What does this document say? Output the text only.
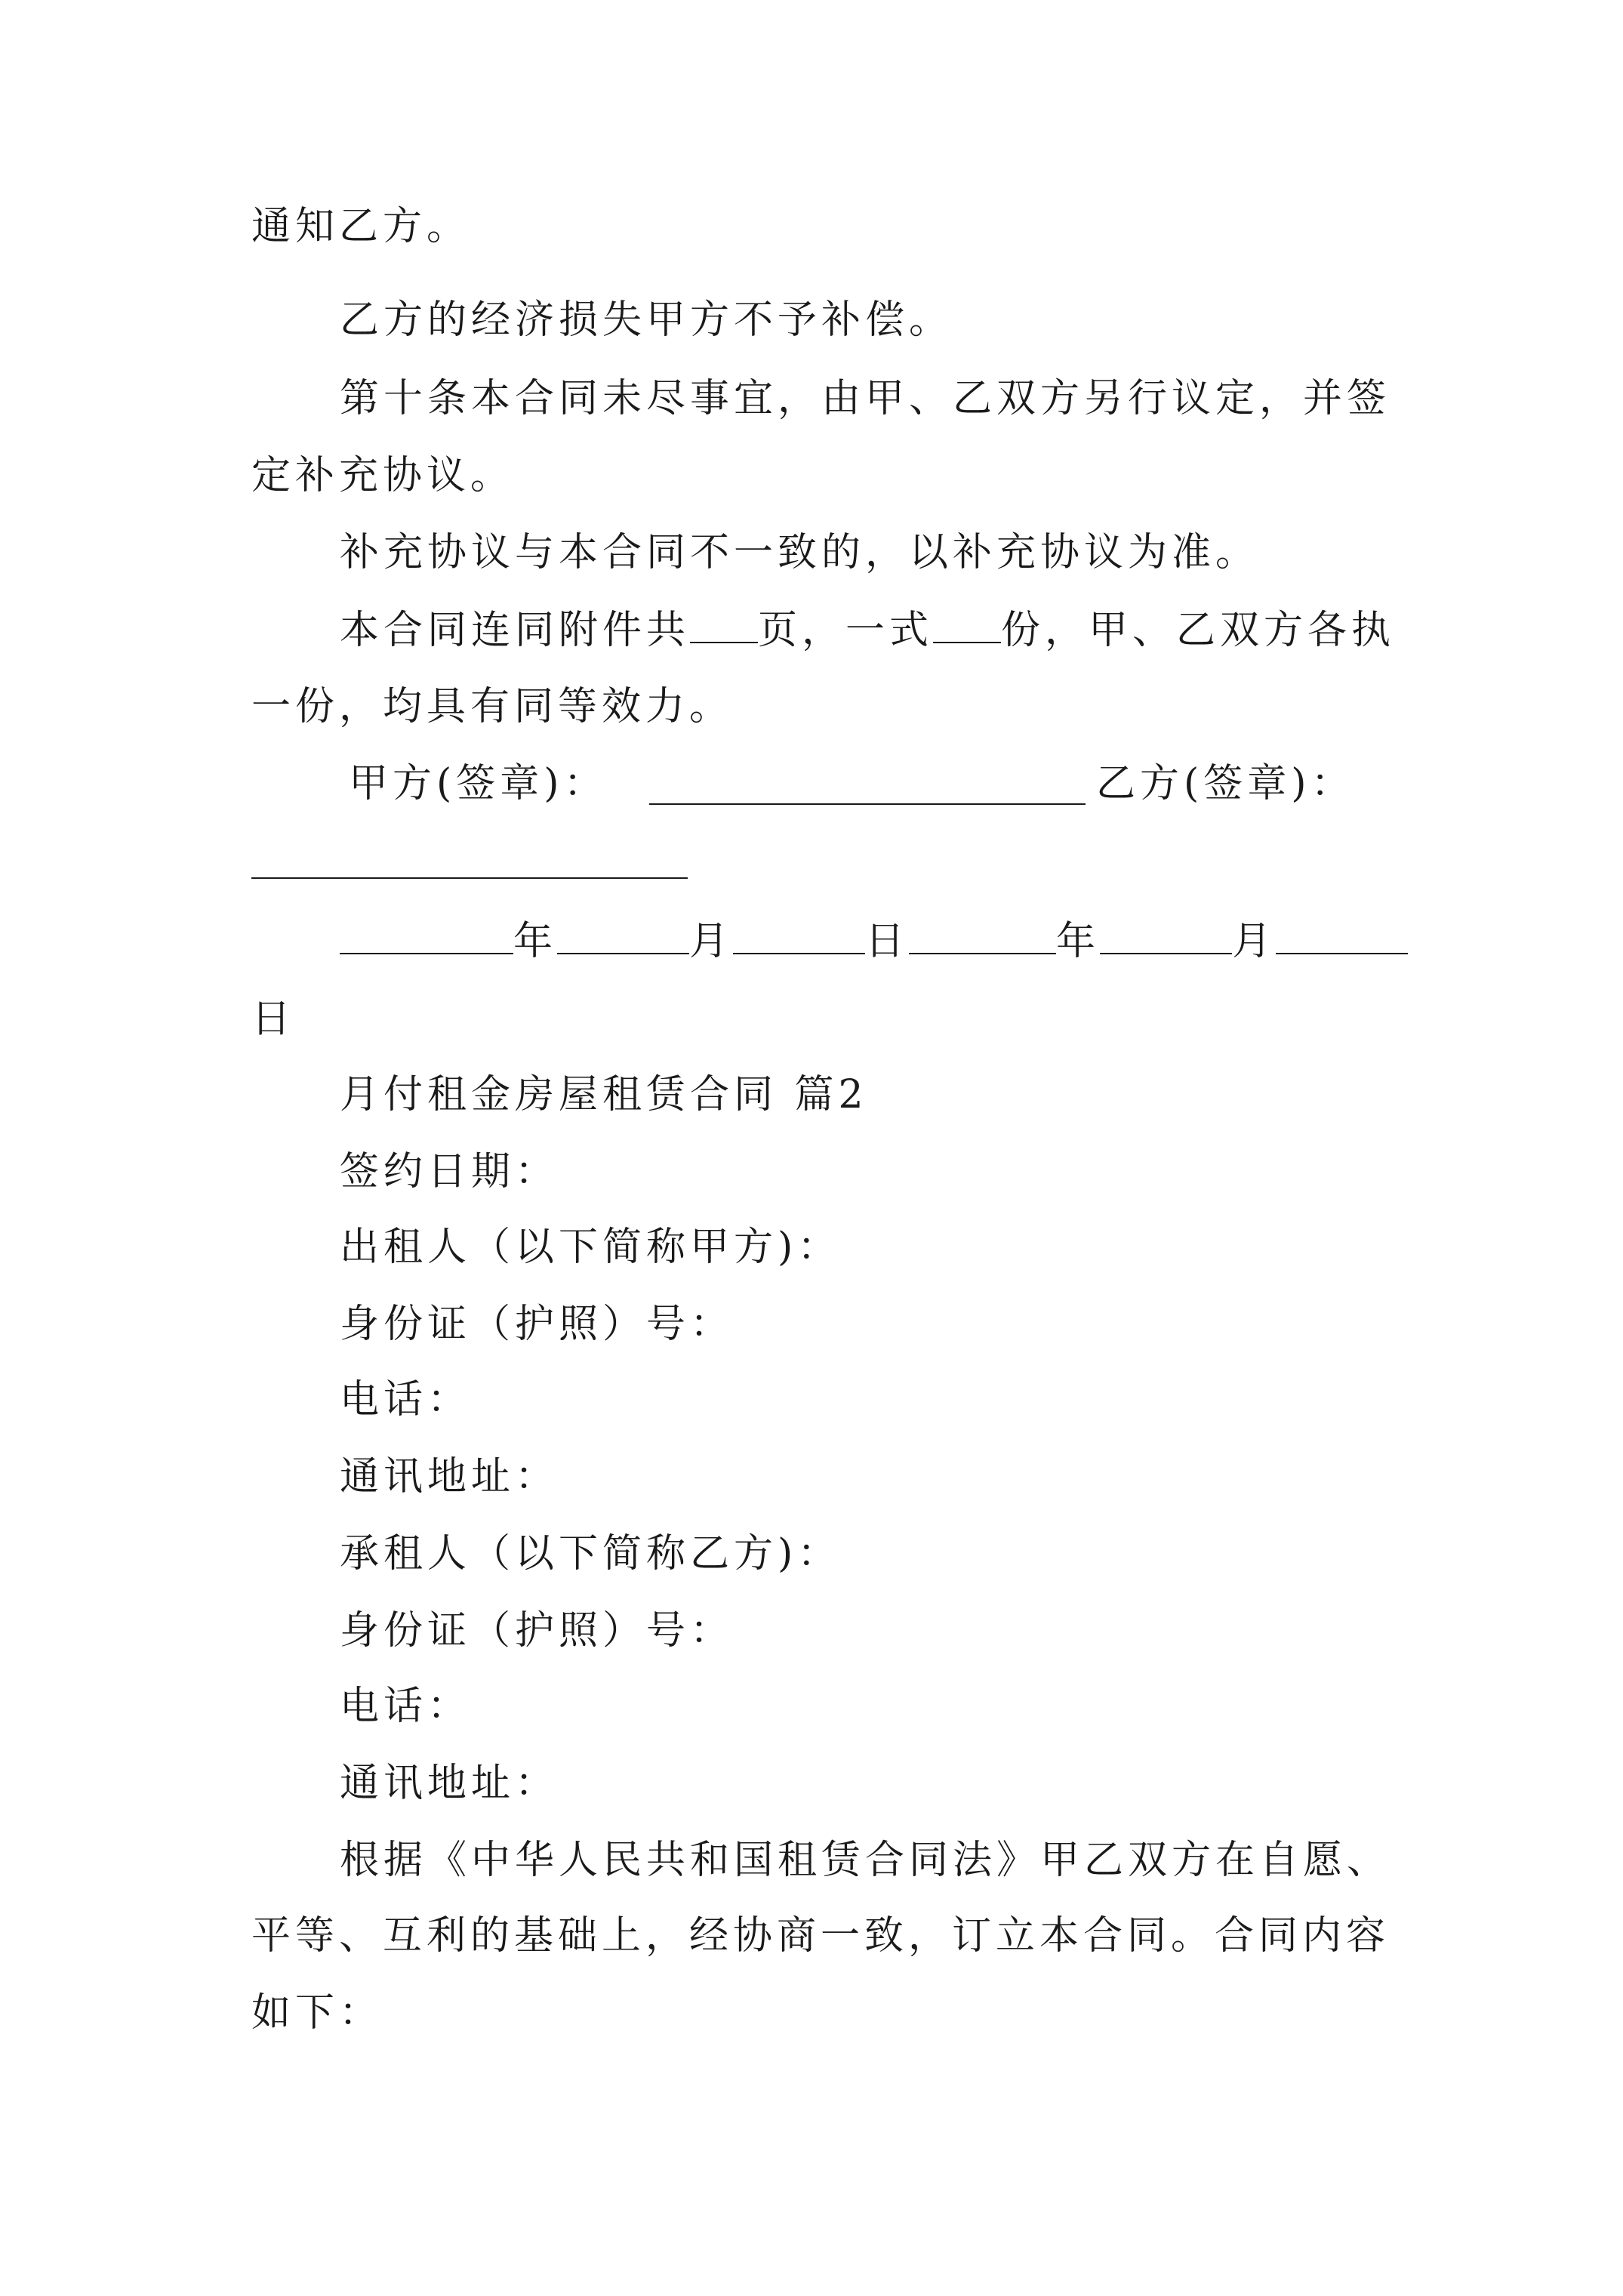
通知乙方。
乙方的经济损失甲方不予补偿。
第十条本合同未尽事宜，由甲、乙双方另行议定，并签
定补充协议。
补充协议与本合同不一致的，以补充协议为准。
本合同连同附件共 页，一式 份，甲、乙双方各执
一份，均具有同等效力。
甲方(签章)：	乙方(签章)：
年	月	日	年	月
日
月付租金房屋租赁合同 篇2
签约日期：
出租人（以下简称甲方)：
身份证（护照）号：
电话：
通讯地址：
承租人（以下简称乙方)：
身份证（护照）号：
电话：
通讯地址：
根据《中华人民共和国租赁合同法》甲乙双方在自愿、
平等、互利的基础上，经协商一致，订立本合同。合同内容
如下：
